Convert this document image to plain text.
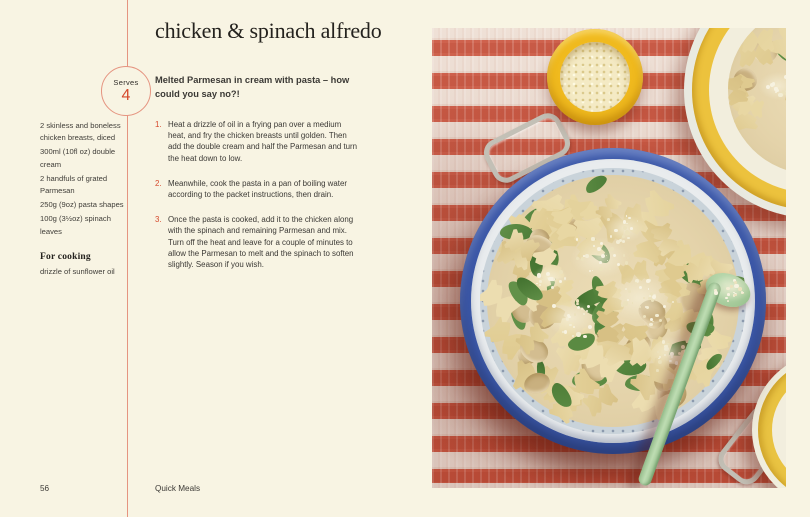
Serves
4
chicken & spinach alfredo

Melted Parmesan in cream with pasta – how could you say no?!

2 skinless and boneless chicken breasts, diced

300ml (10fl oz) double cream

2 handfuls of grated Parmesan

250g (9oz) pasta shapes

100g (3½oz) spinach leaves

For cooking

drizzle of sunflower oil

1. Heat a drizzle of oil in a frying pan over a medium heat, and fry the chicken breasts until golden. Then add the double cream and half the Parmesan and turn the heat down to low.
2. Meanwhile, cook the pasta in a pan of boiling water according to the packet instructions, then drain.
3. Once the pasta is cooked, add it to the chicken along with the spinach and remaining Parmesan and mix. Turn off the heat and leave for a couple of minutes to allow the Parmesan to melt and the spinach to soften slightly. Season if you wish.
56	Quick Meals
